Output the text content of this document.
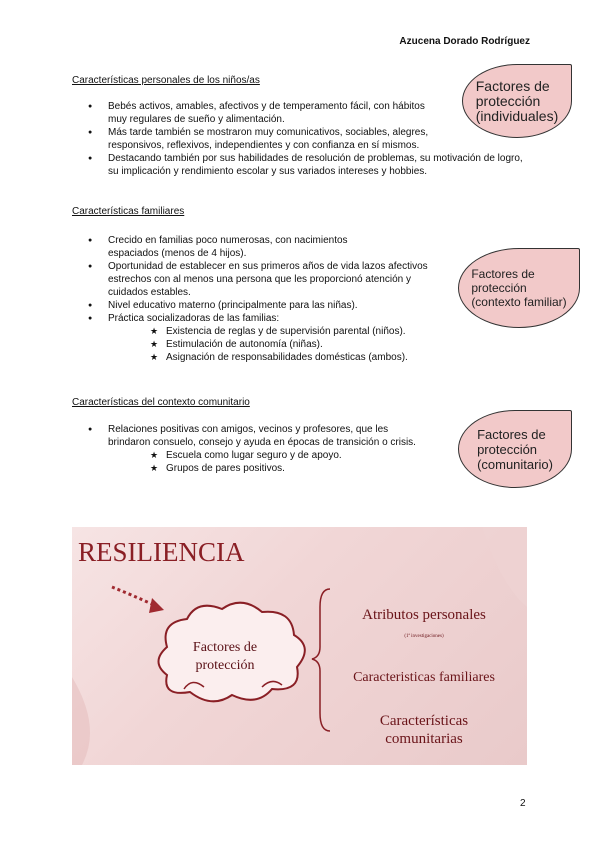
Azucena Dorado Rodríguez
Características personales de los niños/as
● Bebés activos, amables, afectivos y de temperamento fácil, con hábitos muy regulares de sueño y alimentación.
● Más tarde también se mostraron muy comunicativos, sociables, alegres, responsivos, reflexivos, independientes y con confianza en sí mismos.
● Destacando también por sus habilidades de resolución de problemas, su motivación de logro, su implicación y rendimiento escolar y sus variados intereses y hobbies.
Características familiares
● Crecido en familias poco numerosas, con nacimientos espaciados (menos de 4 hijos).
● Oportunidad de establecer en sus primeros años de vida lazos afectivos estrechos con al menos una persona que les proporcionó atención y cuidados estables.
● Nivel educativo materno (principalmente para las niñas).
● Práctica socializadoras de las familias:
★ Existencia de reglas y de supervisión parental (niños).
★ Estimulación de autonomía (niñas).
★ Asignación de responsabilidades domésticas (ambos).
Características del contexto comunitario
● Relaciones positivas con amigos, vecinos y profesores, que les brindaron consuelo, consejo y ayuda en épocas de transición o crisis.
★ Escuela como lugar seguro y de apoyo.
★ Grupos de pares positivos.
Factores de
protección
(individuales)
Factores de
protección
(contexto familiar)
Factores de
protección
(comunitario)
RESILIENCIA
Factores de protección
Atributos personales
(1ª investigaciones)
Caracteristicas familiares
Características comunitarias
2
